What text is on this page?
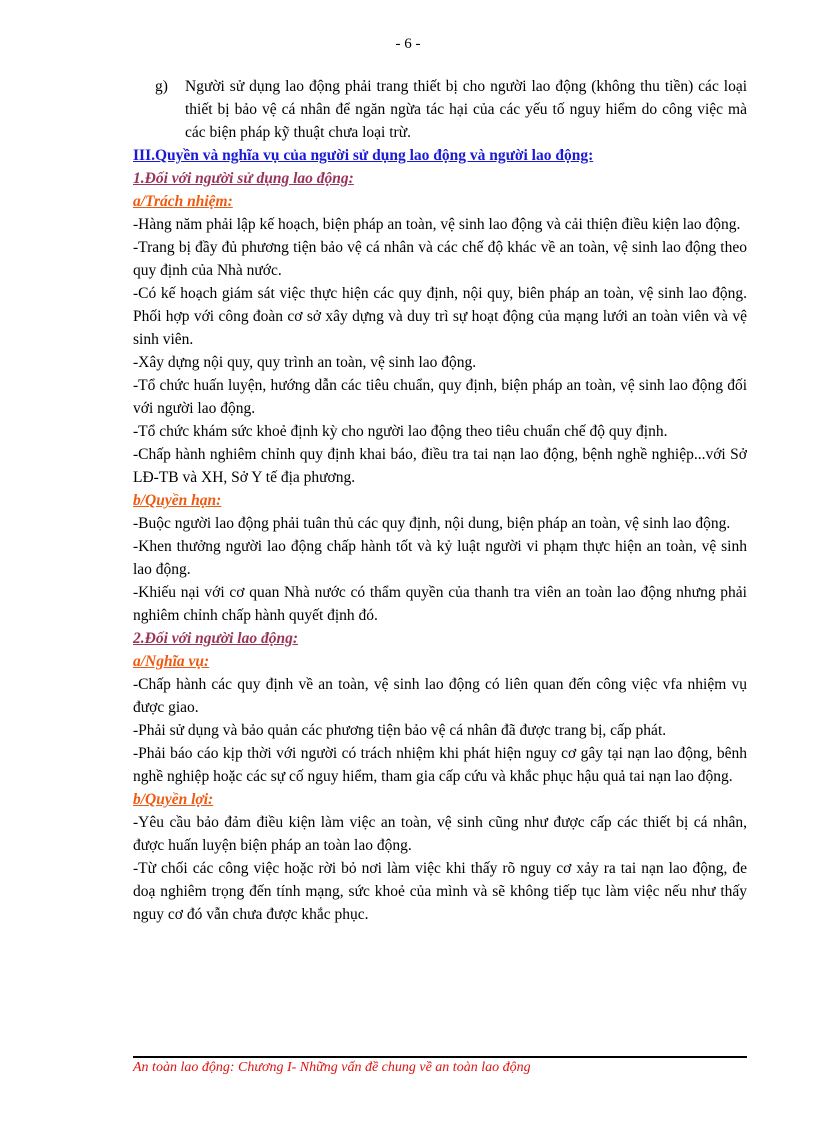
- 6 -
g)	Người sử dụng lao động phải trang thiết bị cho người lao động (không thu tiền) các loại thiết bị bảo vệ cá nhân để ngăn ngừa tác hại của các yếu tố nguy hiểm do công việc mà các biện pháp kỹ thuật chưa loại trừ.

III.Quyền và nghĩa vụ của người sử dụng lao động và người lao động:

1.Đối với người sử dụng lao động:

a/Trách nhiệm:

-Hàng năm phải lập kế hoạch, biện pháp an toàn, vệ sinh lao động và cải thiện điều kiện lao động.

-Trang bị đầy đủ phương tiện bảo vệ cá nhân và các chế độ khác về an toàn, vệ sinh lao động theo quy định của Nhà nước.

-Có kế hoạch giám sát việc thực hiện các quy định, nội quy, biên pháp an toàn, vệ sinh lao động. Phối hợp với công đoàn cơ sở xây dựng và duy trì sự hoạt động của mạng lưới an toàn viên và vệ sinh viên.

-Xây dựng nội quy, quy trình an toàn, vệ sinh lao động.

-Tổ chức huấn luyện, hướng dẫn các tiêu chuẩn, quy định, biện pháp an toàn, vệ sinh lao động đối với người lao động.

-Tổ chức khám sức khoẻ định kỳ cho người lao động theo tiêu chuẩn chế độ quy định.

-Chấp hành nghiêm chỉnh quy định khai báo, điều tra tai nạn lao động, bệnh nghề nghiệp...với Sở LĐ-TB và XH, Sở Y tế địa phương.

b/Quyền hạn:

-Buộc người lao động phải tuân thủ các quy định, nội dung, biện pháp an toàn, vệ sinh lao động.

-Khen thưởng người lao động chấp hành tốt và kỷ luật người vi phạm thực hiện an toàn, vệ sinh lao động.

-Khiếu nại với cơ quan Nhà nước có thẩm quyền của thanh tra viên an toàn lao động nhưng phải nghiêm chỉnh chấp hành quyết định đó.

2.Đối với người lao động:

a/Nghĩa vụ:

-Chấp hành các quy định về an toàn, vệ sinh lao động có liên quan đến công việc vfa nhiệm vụ được giao.

-Phải sử dụng và bảo quản các phương tiện bảo vệ cá nhân đã được trang bị, cấp phát.

-Phải báo cáo kịp thời với người có trách nhiệm khi phát hiện nguy cơ gây tại nạn lao động, bênh nghề nghiệp hoặc các sự cố nguy hiểm, tham gia cấp cứu và khắc phục hậu quả tai nạn lao động.

b/Quyền lợi:

-Yêu cầu bảo đảm điều kiện làm việc an toàn, vệ sinh cũng như được cấp các thiết bị cá nhân, được huấn luyện biện pháp an toàn lao động.

-Từ chối các công việc hoặc rời bỏ nơi làm việc khi thấy rõ nguy cơ xảy ra tai nạn lao động, đe doạ nghiêm trọng đến tính mạng, sức khoẻ của mình và sẽ không tiếp tục làm việc nếu như thấy nguy cơ đó vẫn chưa được khắc phục.

An toàn lao động: Chương I- Những vấn đề chung về an toàn lao động
